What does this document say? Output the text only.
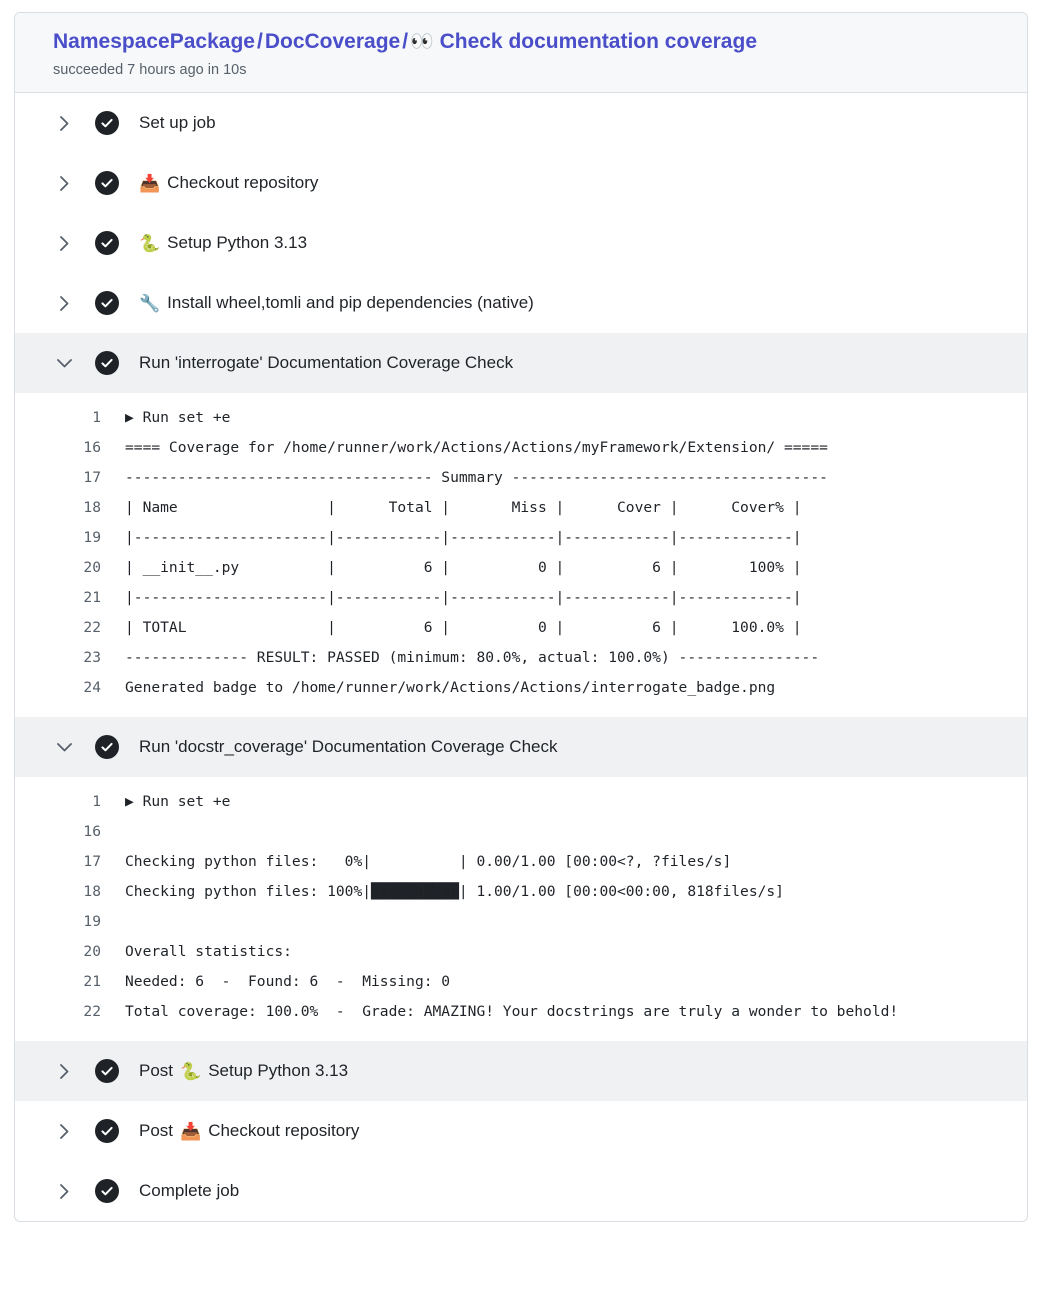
NamespacePackage/DocCoverage/ 👀 Check documentation coverage
succeeded 7 hours ago in 10s
Set up job
📥 Checkout repository
🐍 Setup Python 3.13
🔧 Install wheel,tomli and pip dependencies (native)
Run 'interrogate' Documentation Coverage Check
1	▶ Run set +e
16	==== Coverage for /home/runner/work/Actions/Actions/myFramework/Extension/ =====
17	----------------------------------- Summary ------------------------------------
18	| Name                 |      Total |       Miss |      Cover |      Cover% |
19	|----------------------|------------|------------|------------|-------------|
20	| __init__.py          |          6 |          0 |          6 |        100% |
21	|----------------------|------------|------------|------------|-------------|
22	| TOTAL                |          6 |          0 |          6 |      100.0% |
23	-------------- RESULT: PASSED (minimum: 80.0%, actual: 100.0%) ----------------
24	Generated badge to /home/runner/work/Actions/Actions/interrogate_badge.png
Run 'docstr_coverage' Documentation Coverage Check
1	▶ Run set +e
16
17	Checking python files:   0%|          | 0.00/1.00 [00:00<?, ?files/s]
18	Checking python files: 100%|██████████| 1.00/1.00 [00:00<00:00, 818files/s]
19
20	Overall statistics:
21	Needed: 6  -  Found: 6  -  Missing: 0
22	Total coverage: 100.0%  -  Grade: AMAZING! Your docstrings are truly a wonder to behold!
Post 🐍 Setup Python 3.13
Post 📥 Checkout repository
Complete job
